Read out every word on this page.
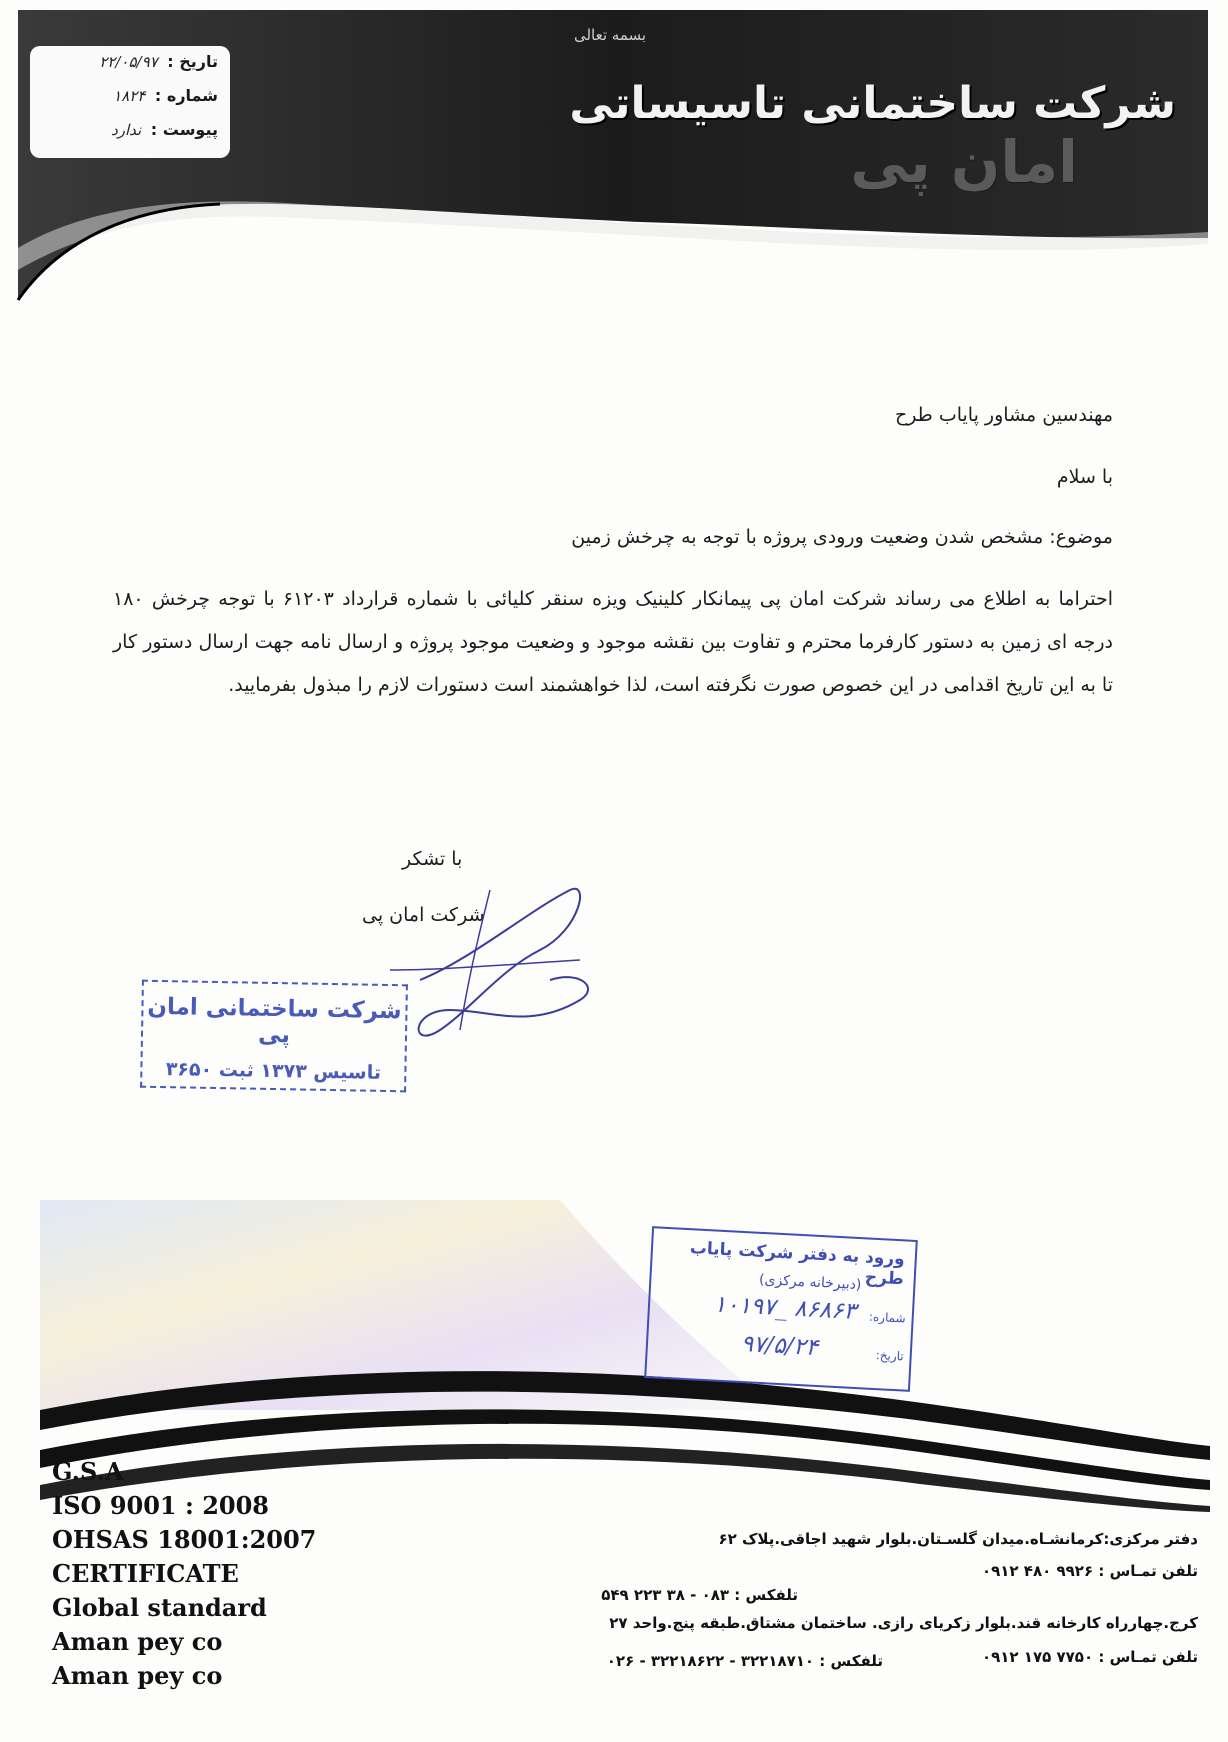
بسمه تعالی
شرکت ساختمانی تاسیساتی
امان پی
تاریخ : ۲۲/۰۵/۹۷
شماره : ۱۸۲۴
پیوست : ندارد
مهندسین مشاور پایاب طرح
با سلام
موضوع: مشخص شدن وضعیت ورودی پروژه با توجه به چرخش زمین
احتراما به اطلاع می رساند شرکت امان پی پیمانکار کلینیک ویزه سنقر کلیائی با شماره قرارداد ۶۱۲۰۳ با توجه چرخش ۱۸۰ درجه ای زمین به دستور کارفرما محترم و تفاوت بین نقشه موجود و وضعیت موجود پروژه و ارسال نامه جهت ارسال دستور کار تا به این تاریخ اقدامی در این خصوص صورت نگرفته است، لذا خواهشمند است دستورات لازم را مبذول بفرمایید.
با تشکر
شرکت امان پی
شرکت ساختمانی امان پی
تاسیس ۱۳۷۳ ثبت ۳۶۵۰
ورود به دفتر شرکت پایاب طرح
(دبیرخانه مرکزی)
شماره:
۱۰۱۹۷_ ۸۶۸۶۳
تاریخ:
۹۷/۵/۲۴
G.S.A
ISO 9001 : 2008
OHSAS 18001:2007
CERTIFICATE
Global standard
Aman pey co
Aman pey co
دفتر مرکزی:کرمانشـاه.میدان گلسـتان.بلوار شهید اجاقی.پلاک ۶۲
تلفن تمـاس : ۹۹۲۶ ۴۸۰ ۰۹۱۲
تلفکس : ۰۸۳ - ۳۸ ۲۲۳ ۵۴۹
کرج.چهارراه کارخانه قند.بلوار زکریای رازی. ساختمان مشتاق.طبقه پنج.واحد ۲۷
تلفن تمـاس : ۷۷۵۰ ۱۷۵ ۰۹۱۲
تلفکس : ۳۲۲۱۸۷۱۰ - ۳۲۲۱۸۶۲۲ - ۰۲۶
